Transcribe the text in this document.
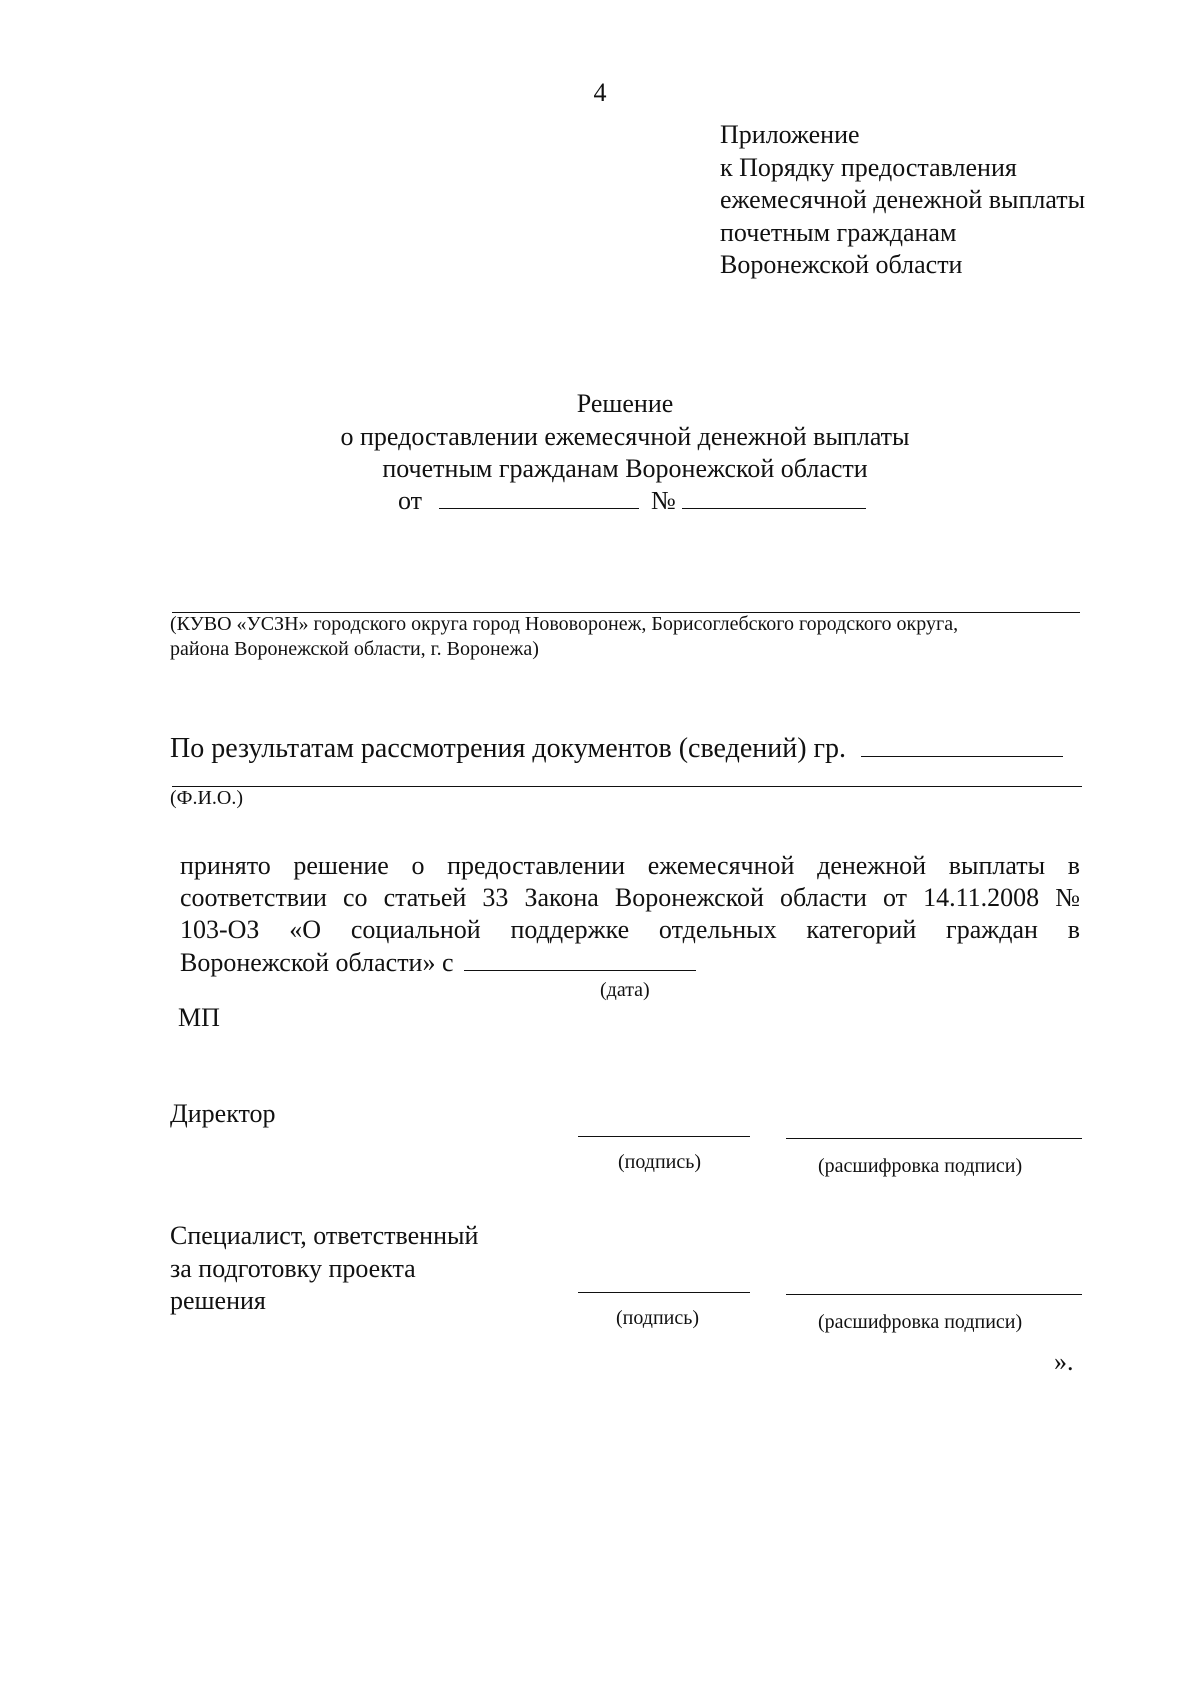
4
Приложение
к Порядку предоставления
ежемесячной денежной выплаты
почетным гражданам
Воронежской области
Решение
о предоставлении ежемесячной денежной выплаты
почетным гражданам Воронежской области
от	№
(КУВО «УСЗН» городского округа город Нововоронеж, Борисоглебского городского округа,
района Воронежской области, г. Воронежа)
По результатам рассмотрения документов (сведений) гр.
(Ф.И.О.)
принято решение о предоставлении ежемесячной денежной выплаты в
соответствии со статьей 33 Закона Воронежской области от 14.11.2008 №
103-ОЗ «О социальной поддержке отдельных категорий граждан в
Воронежской области» с
(дата)
МП
Директор
(подпись)	(расшифровка подписи)
Специалист, ответственный
за подготовку проекта
решения
(подпись)	(расшифровка подписи)
».
